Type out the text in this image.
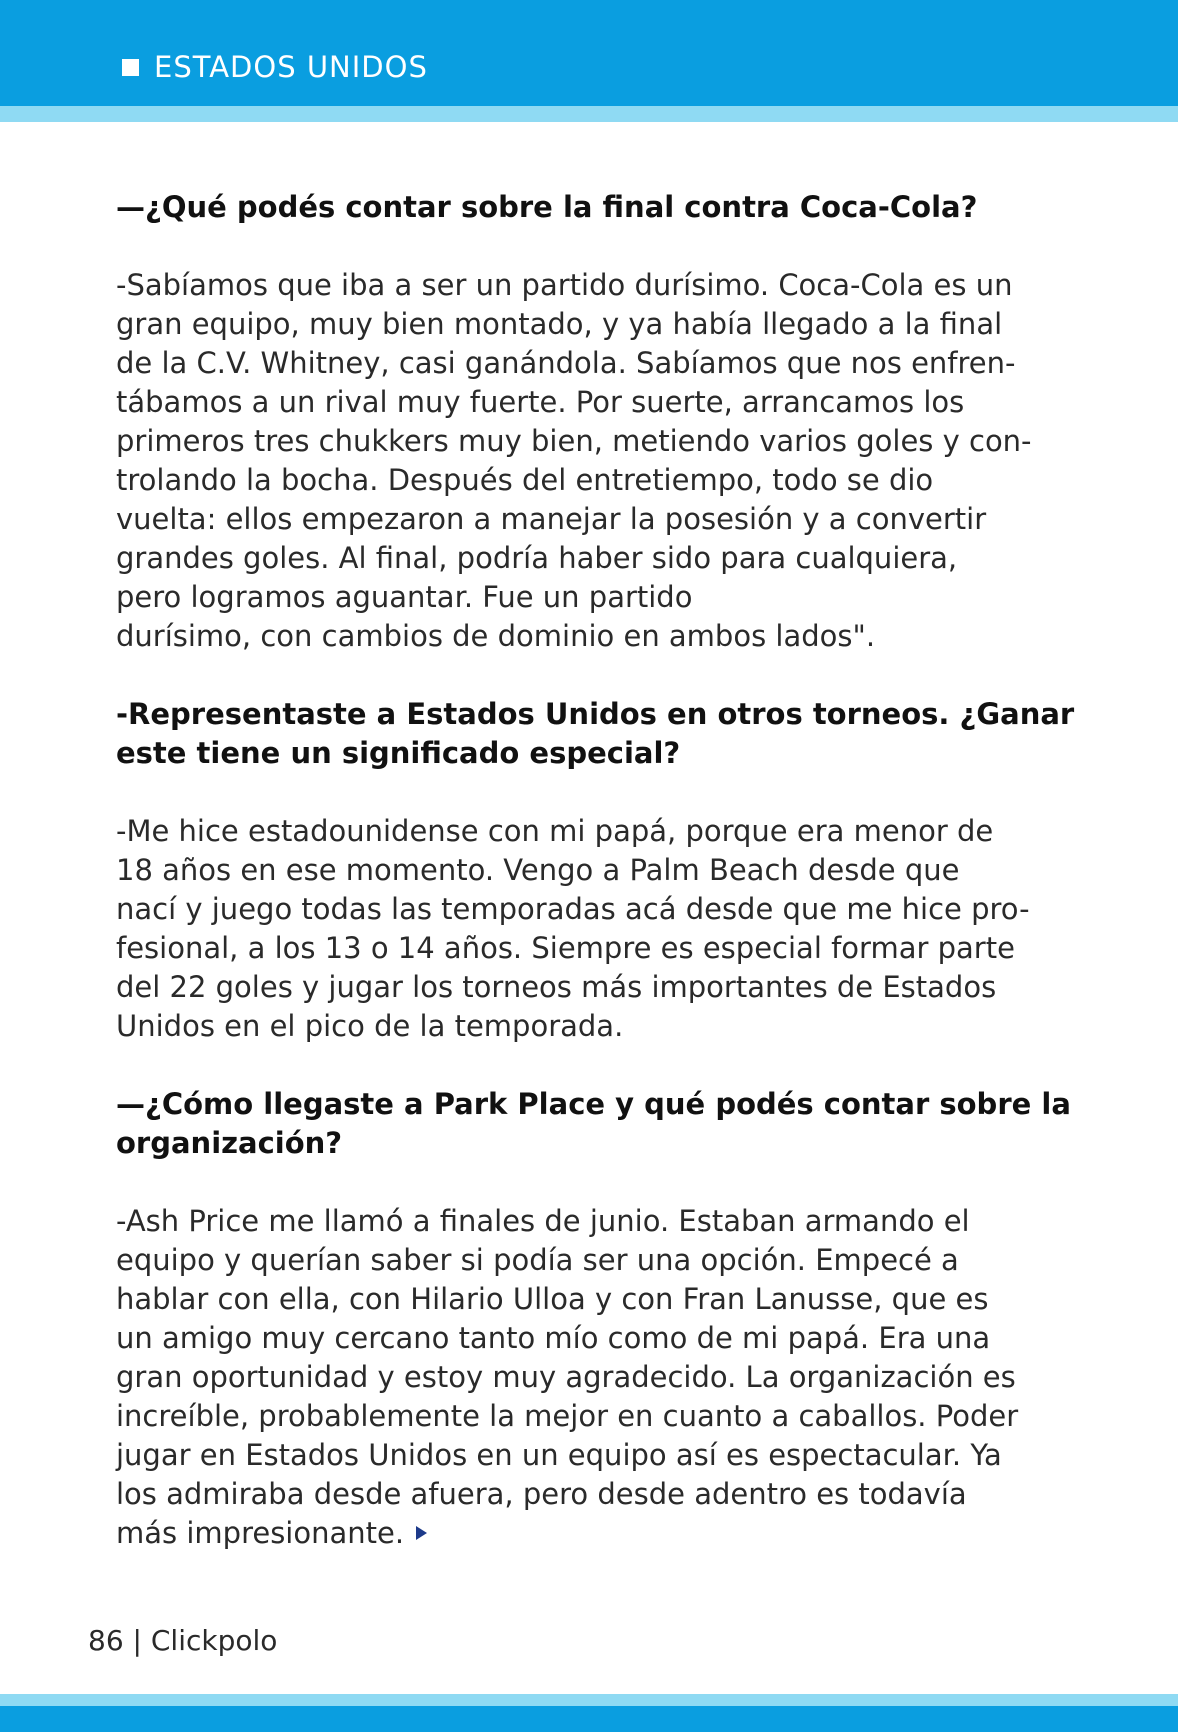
ESTADOS UNIDOS
—¿Qué podés contar sobre la final contra Coca-Cola?
-Sabíamos que iba a ser un partido durísimo. Coca-Cola es un
gran equipo, muy bien montado, y ya había llegado a la final
de la C.V. Whitney, casi ganándola. Sabíamos que nos enfren-
tábamos a un rival muy fuerte. Por suerte, arrancamos los
primeros tres chukkers muy bien, metiendo varios goles y con-
trolando la bocha. Después del entretiempo, todo se dio
vuelta: ellos empezaron a manejar la posesión y a convertir
grandes goles. Al final, podría haber sido para cualquiera,
pero logramos aguantar. Fue un partido
durísimo, con cambios de dominio en ambos lados".
-Representaste a Estados Unidos en otros torneos. ¿Ganar
este tiene un significado especial?
-Me hice estadounidense con mi papá, porque era menor de
18 años en ese momento. Vengo a Palm Beach desde que
nací y juego todas las temporadas acá desde que me hice pro-
fesional, a los 13 o 14 años. Siempre es especial formar parte
del 22 goles y jugar los torneos más importantes de Estados
Unidos en el pico de la temporada.
—¿Cómo llegaste a Park Place y qué podés contar sobre la
organización?
-Ash Price me llamó a finales de junio. Estaban armando el
equipo y querían saber si podía ser una opción. Empecé a
hablar con ella, con Hilario Ulloa y con Fran Lanusse, que es
un amigo muy cercano tanto mío como de mi papá. Era una
gran oportunidad y estoy muy agradecido. La organización es
increíble, probablemente la mejor en cuanto a caballos. Poder
jugar en Estados Unidos en un equipo así es espectacular. Ya
los admiraba desde afuera, pero desde adentro es todavía
más impresionante.
86 | Clickpolo
